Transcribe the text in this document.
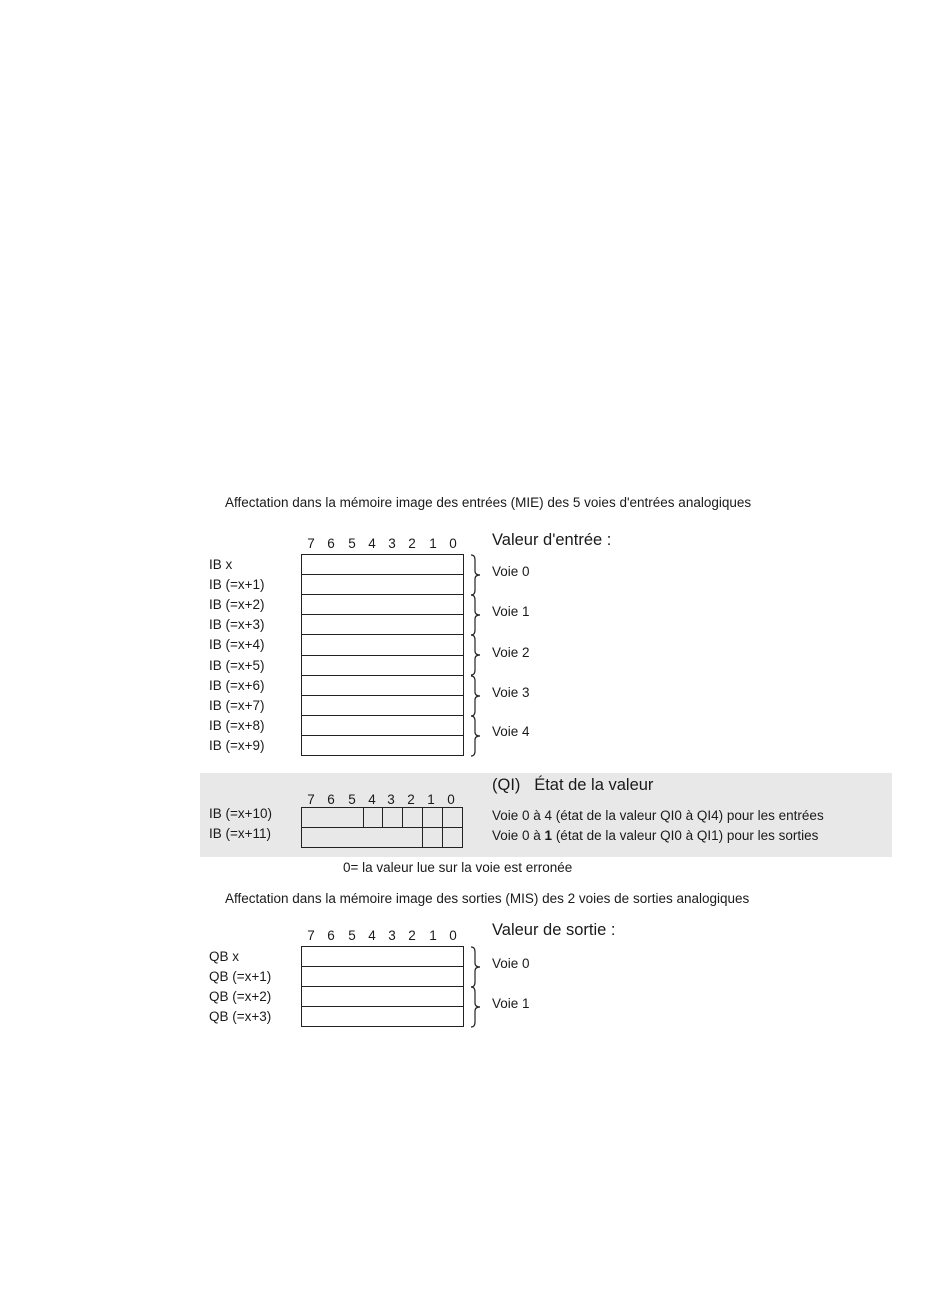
Affectation dans la mémoire image des entrées (MIE) des 5 voies d'entrées analogiques
Valeur d'entrée :
7 6 5 4 3 2 1 0
IB x
IB (=x+1)
IB (=x+2)
IB (=x+3)
IB (=x+4)
IB (=x+5)
IB (=x+6)
IB (=x+7)
IB (=x+8)
IB (=x+9)
Voie 0
Voie 1
Voie 2
Voie 3
Voie 4
(QI) État de la valeur
7 6 5 4 3 2 1 0
IB (=x+10)
IB (=x+11)
Voie 0 à 4 (état de la valeur QI0 à QI4) pour les entrées
Voie 0 à 1 (état de la valeur QI0 à QI1) pour les sorties
0= la valeur lue sur la voie est erronée
Affectation dans la mémoire image des sorties (MIS) des 2 voies de sorties analogiques
Valeur de sortie :
7 6 5 4 3 2 1 0
QB x
QB (=x+1)
QB (=x+2)
QB (=x+3)
Voie 0
Voie 1
